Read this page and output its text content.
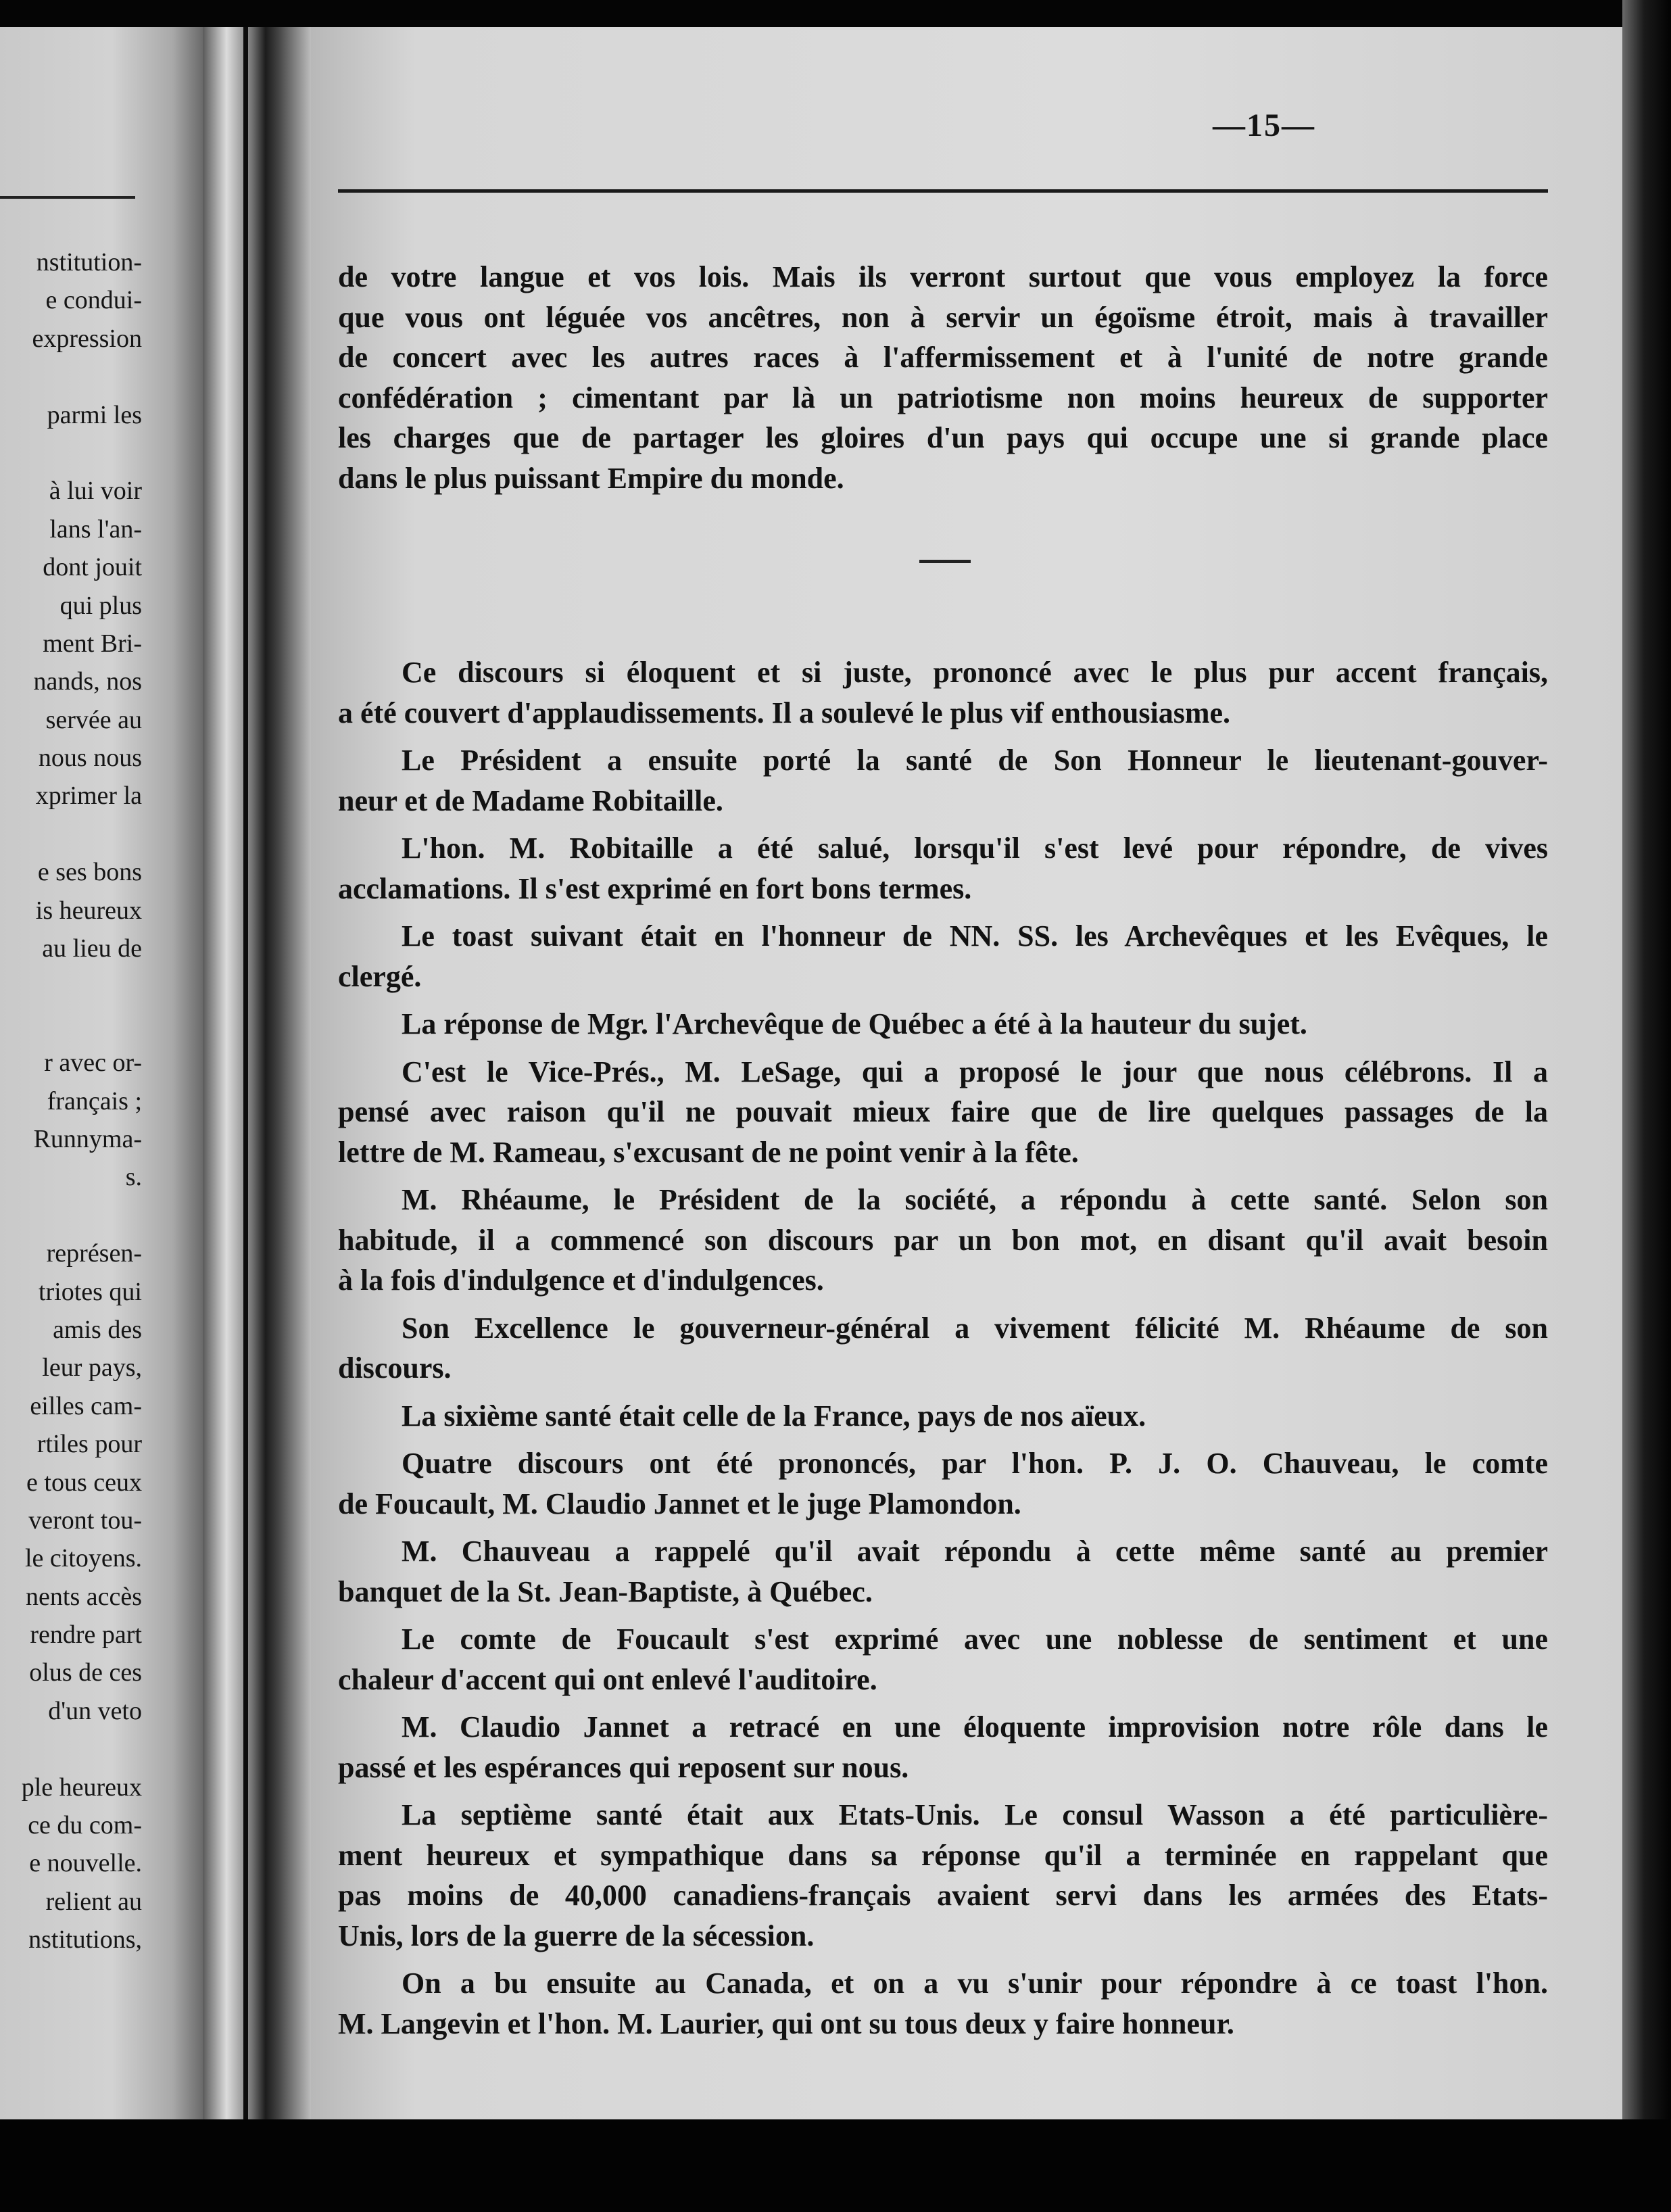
nstitution-
e condui-
expression
parmi les
à lui voir
lans l'an-
dont jouit
qui plus
ment Bri-
nands, nos
servée au
nous nous
xprimer la
e ses bons
is heureux
au lieu de
r avec or-
français ;
Runnyma-
s.
représen-
triotes qui
amis des
leur pays,
eilles cam-
rtiles pour
e tous ceux
veront tou-
le citoyens.
nents accès
rendre part
olus de ces
d'un veto
ple heureux
ce du com-
e nouvelle.
relient au
nstitutions,
—15—
de votre langue et vos lois. Mais ils verront surtout que vous employez la force
que vous ont léguée vos ancêtres, non à servir un égoïsme étroit, mais à travailler
de concert avec les autres races à l'affermissement et à l'unité de notre grande
confédération ; cimentant par là un patriotisme non moins heureux de supporter
les charges que de partager les gloires d'un pays qui occupe une si grande place
dans le plus puissant Empire du monde.
Ce discours si éloquent et si juste, prononcé avec le plus pur accent français,
a été couvert d'applaudissements. Il a soulevé le plus vif enthousiasme.
Le Président a ensuite porté la santé de Son Honneur le lieutenant-gouver-
neur et de Madame Robitaille.
L'hon. M. Robitaille a été salué, lorsqu'il s'est levé pour répondre, de vives
acclamations. Il s'est exprimé en fort bons termes.
Le toast suivant était en l'honneur de NN. SS. les Archevêques et les Evêques, le
clergé.
La réponse de Mgr. l'Archevêque de Québec a été à la hauteur du sujet.
C'est le Vice-Prés., M. LeSage, qui a proposé le jour que nous célébrons. Il a
pensé avec raison qu'il ne pouvait mieux faire que de lire quelques passages de la
lettre de M. Rameau, s'excusant de ne point venir à la fête.
M. Rhéaume, le Président de la société, a répondu à cette santé. Selon son
habitude, il a commencé son discours par un bon mot, en disant qu'il avait besoin
à la fois d'indulgence et d'indulgences.
Son Excellence le gouverneur-général a vivement félicité M. Rhéaume de son
discours.
La sixième santé était celle de la France, pays de nos aïeux.
Quatre discours ont été prononcés, par l'hon. P. J. O. Chauveau, le comte
de Foucault, M. Claudio Jannet et le juge Plamondon.
M. Chauveau a rappelé qu'il avait répondu à cette même santé au premier
banquet de la St. Jean-Baptiste, à Québec.
Le comte de Foucault s'est exprimé avec une noblesse de sentiment et une
chaleur d'accent qui ont enlevé l'auditoire.
M. Claudio Jannet a retracé en une éloquente improvision notre rôle dans le
passé et les espérances qui reposent sur nous.
La septième santé était aux Etats-Unis. Le consul Wasson a été particulière-
ment heureux et sympathique dans sa réponse qu'il a terminée en rappelant que
pas moins de 40,000 canadiens-français avaient servi dans les armées des Etats-
Unis, lors de la guerre de la sécession.
On a bu ensuite au Canada, et on a vu s'unir pour répondre à ce toast l'hon.
M. Langevin et l'hon. M. Laurier, qui ont su tous deux y faire honneur.
